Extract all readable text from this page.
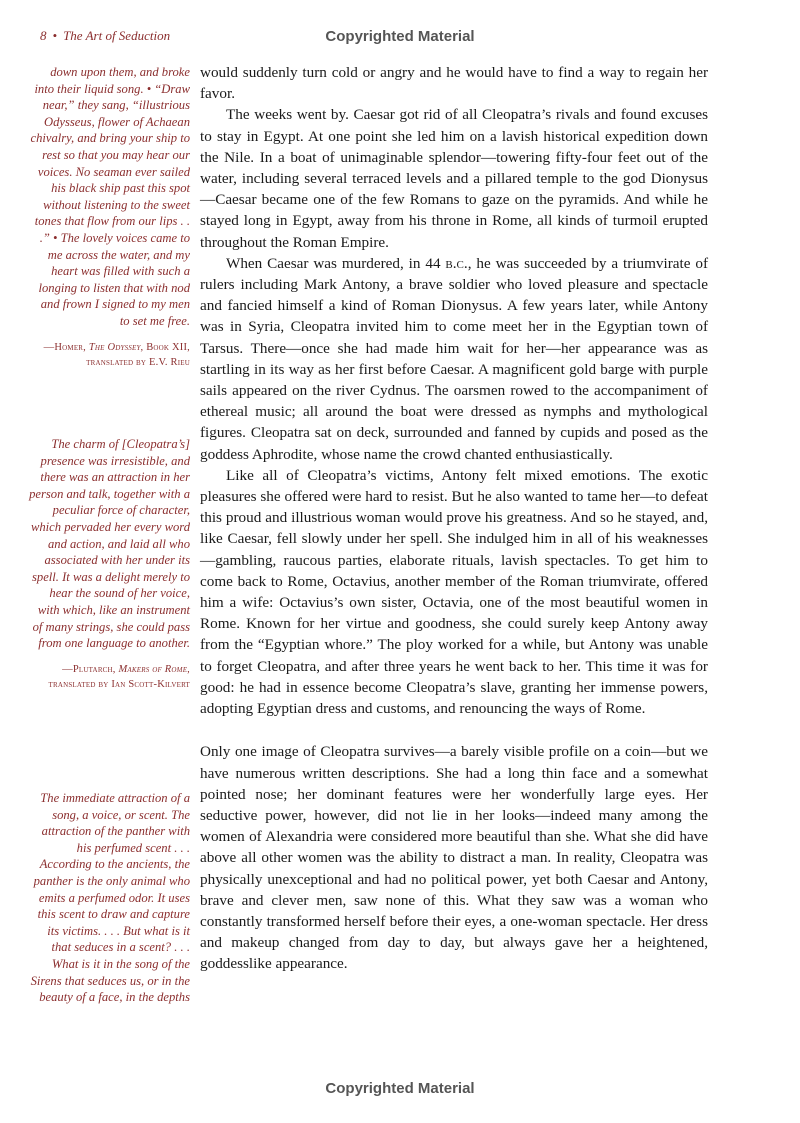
8 • The Art of Seduction	Copyrighted Material

down upon them, and broke into their liquid song. • “Draw near,” they sang, “illustrious Odysseus, flower of Achaean chivalry, and bring your ship to rest so that you may hear our voices. No seaman ever sailed his black ship past this spot without listening to the sweet tones that flow from our lips . . .” • The lovely voices came to me across the water, and my heart was filled with such a longing to listen that with nod and frown I signed to my men to set me free.

—Homer, The Odyssey, Book XII, translated by E.V. Rieu

The charm of [Cleopatra’s] presence was irresistible, and there was an attraction in her person and talk, together with a peculiar force of character, which pervaded her every word and action, and laid all who associated with her under its spell. It was a delight merely to hear the sound of her voice, with which, like an instrument of many strings, she could pass from one language to another.

—Plutarch, Makers of Rome, translated by Ian Scott-Kilvert

The immediate attraction of a song, a voice, or scent. The attraction of the panther with his perfumed scent . . . According to the ancients, the panther is the only animal who emits a perfumed odor. It uses this scent to draw and capture its victims. . . . But what is it that seduces in a scent? . . . What is it in the song of the Sirens that seduces us, or in the beauty of a face, in the depths

would suddenly turn cold or angry and he would have to find a way to regain her favor.

The weeks went by. Caesar got rid of all Cleopatra’s rivals and found excuses to stay in Egypt. At one point she led him on a lavish historical expedition down the Nile. In a boat of unimaginable splendor—towering fifty-four feet out of the water, including several terraced levels and a pillared temple to the god Dionysus—Caesar became one of the few Romans to gaze on the pyramids. And while he stayed long in Egypt, away from his throne in Rome, all kinds of turmoil erupted throughout the Roman Empire.

When Caesar was murdered, in 44 b.c., he was succeeded by a triumvirate of rulers including Mark Antony, a brave soldier who loved pleasure and spectacle and fancied himself a kind of Roman Dionysus. A few years later, while Antony was in Syria, Cleopatra invited him to come meet her in the Egyptian town of Tarsus. There—once she had made him wait for her—her appearance was as startling in its way as her first before Caesar. A magnificent gold barge with purple sails appeared on the river Cydnus. The oarsmen rowed to the accompaniment of ethereal music; all around the boat were dressed as nymphs and mythological figures. Cleopatra sat on deck, surrounded and fanned by cupids and posed as the goddess Aphrodite, whose name the crowd chanted enthusiastically.

Like all of Cleopatra’s victims, Antony felt mixed emotions. The exotic pleasures she offered were hard to resist. But he also wanted to tame her—to defeat this proud and illustrious woman would prove his greatness. And so he stayed, and, like Caesar, fell slowly under her spell. She indulged him in all of his weaknesses—gambling, raucous parties, elaborate rituals, lavish spectacles. To get him to come back to Rome, Octavius, another member of the Roman triumvirate, offered him a wife: Octavius’s own sister, Octavia, one of the most beautiful women in Rome. Known for her virtue and goodness, she could surely keep Antony away from the “Egyptian whore.” The ploy worked for a while, but Antony was unable to forget Cleopatra, and after three years he went back to her. This time it was for good: he had in essence become Cleopatra’s slave, granting her immense powers, adopting Egyptian dress and customs, and renouncing the ways of Rome.

Only one image of Cleopatra survives—a barely visible profile on a coin—but we have numerous written descriptions. She had a long thin face and a somewhat pointed nose; her dominant features were her wonderfully large eyes. Her seductive power, however, did not lie in her looks—indeed many among the women of Alexandria were considered more beautiful than she. What she did have above all other women was the ability to distract a man. In reality, Cleopatra was physically unexceptional and had no political power, yet both Caesar and Antony, brave and clever men, saw none of this. What they saw was a woman who constantly transformed herself before their eyes, a one-woman spectacle. Her dress and makeup changed from day to day, but always gave her a heightened, goddesslike appearance.

Copyrighted Material
